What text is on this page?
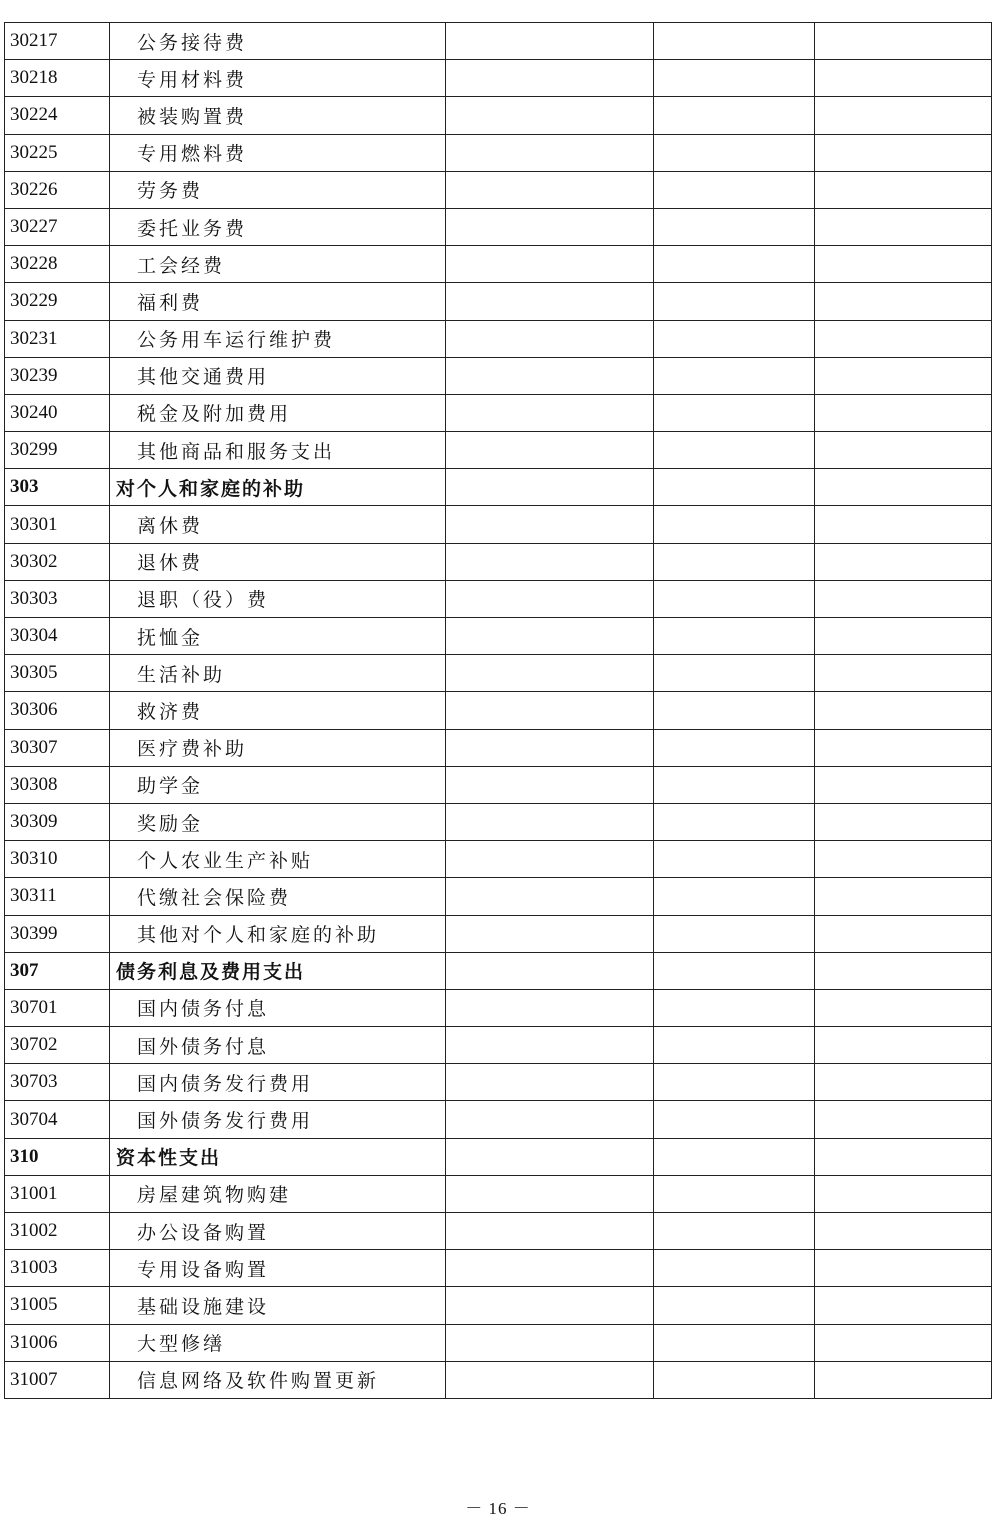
30217	公务接待费			
30218	专用材料费			
30224	被装购置费			
30225	专用燃料费			
30226	劳务费			
30227	委托业务费			
30228	工会经费			
30229	福利费			
30231	公务用车运行维护费			
30239	其他交通费用			
30240	税金及附加费用			
30299	其他商品和服务支出			
303	对个人和家庭的补助			
30301	离休费			
30302	退休费			
30303	退职（役）费			
30304	抚恤金			
30305	生活补助			
30306	救济费			
30307	医疗费补助			
30308	助学金			
30309	奖励金			
30310	个人农业生产补贴			
30311	代缴社会保险费			
30399	其他对个人和家庭的补助			
307	债务利息及费用支出			
30701	国内债务付息			
30702	国外债务付息			
30703	国内债务发行费用			
30704	国外债务发行费用			
310	资本性支出			
31001	房屋建筑物购建			
31002	办公设备购置			
31003	专用设备购置			
31005	基础设施建设			
31006	大型修缮			
31007	信息网络及软件购置更新			
－ 16 －
